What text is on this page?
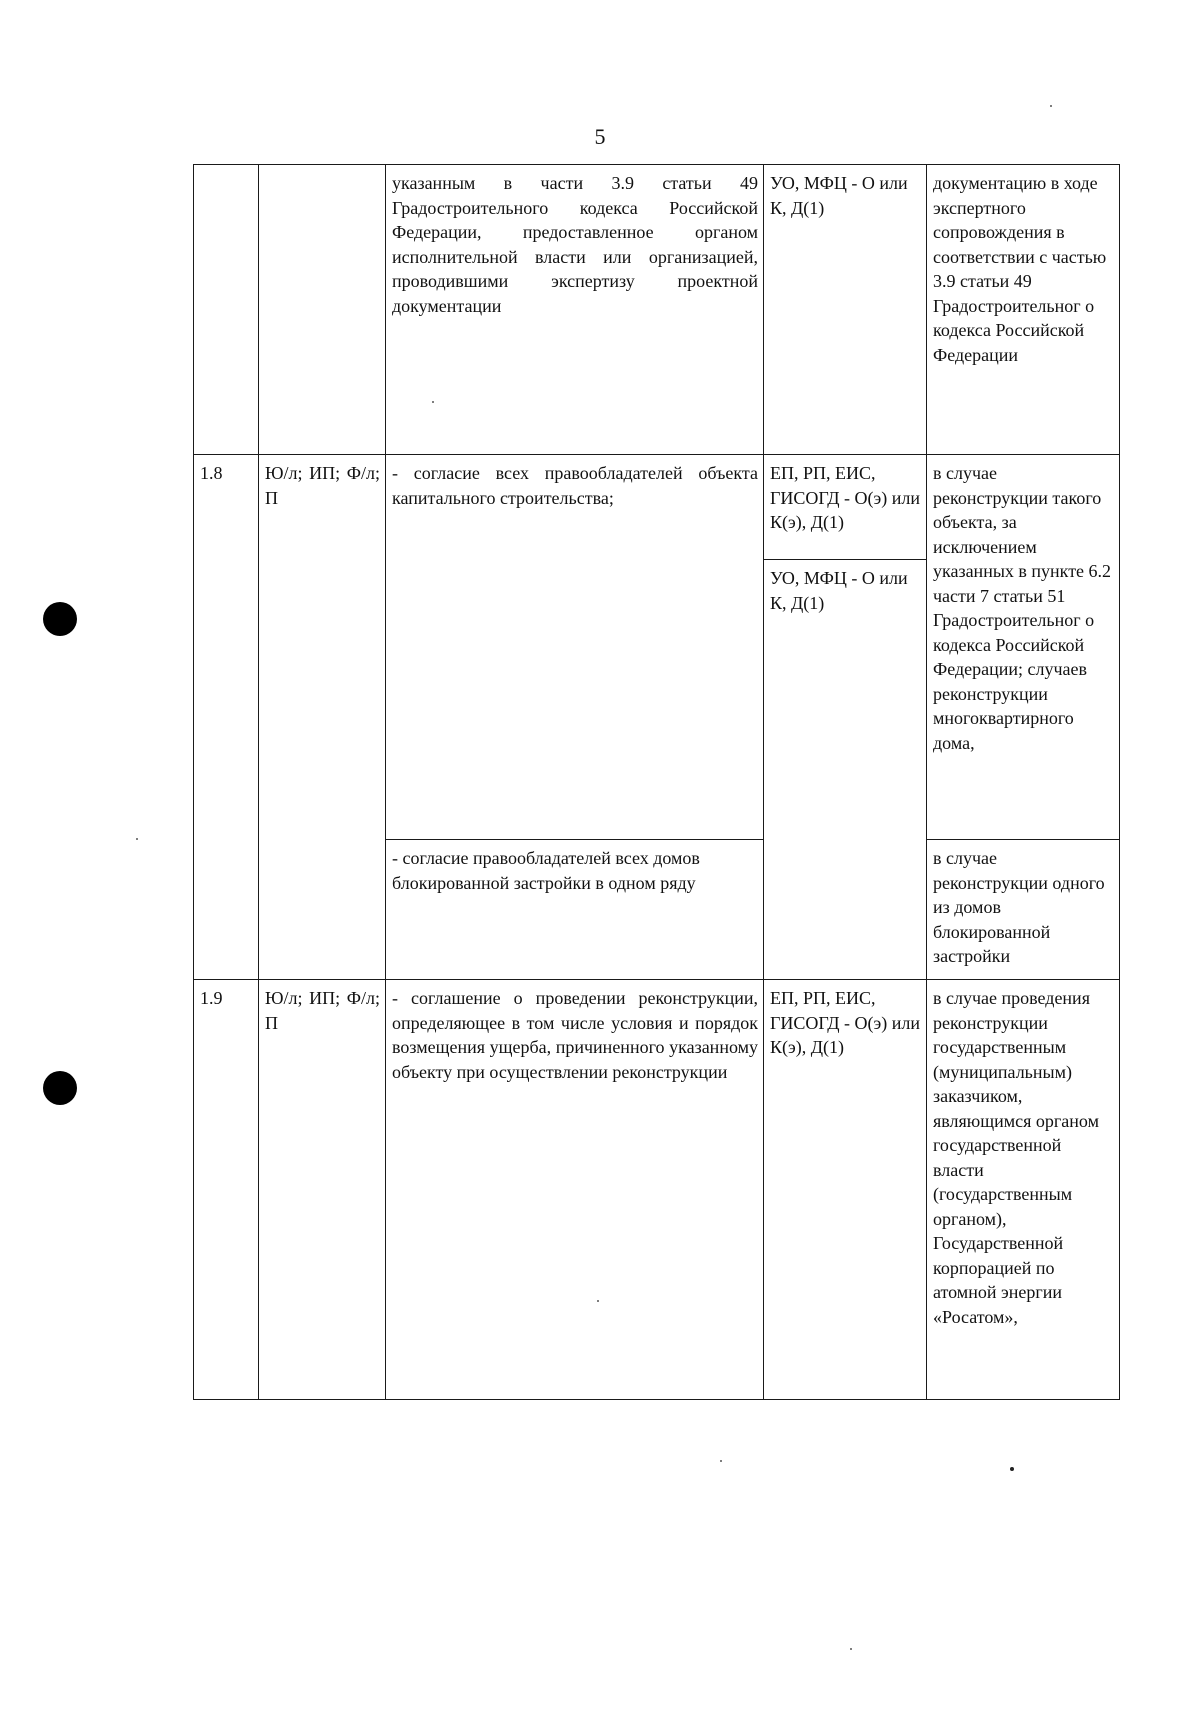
5
		указанным в части 3.9 статьи 49 Градостроительного кодекса Российской Федерации, предоставленное органом исполнительной власти или организацией, проводившими экспертизу проектной документации	УО, МФЦ - О или К, Д(1)	документацию в ходе экспертного сопровождения в соответствии с частью 3.9 статьи 49 Градостроительног о кодекса Российской Федерации
1.8	Ю/л; ИП; Ф/л; П	- согласие всех правообладателей объекта капитального строительства;	ЕП, РП, ЕИС, ГИСОГД - О(э) или К(э), Д(1)	в случае реконструкции такого объекта, за исключением указанных в пункте 6.2 части 7 статьи 51 Градостроительног о кодекса Российской Федерации; случаев реконструкции многоквартирного дома,
			УО, МФЦ - О или К, Д(1)	
		- согласие правообладателей всех домов блокированной застройки в одном ряду		в случае реконструкции одного из домов блокированной застройки
1.9	Ю/л; ИП; Ф/л; П	- соглашение о проведении реконструкции, определяющее в том числе условия и порядок возмещения ущерба, причиненного указанному объекту при осуществлении реконструкции	ЕП, РП, ЕИС, ГИСОГД - О(э) или К(э), Д(1)	в случае проведения реконструкции государственным (муниципальным) заказчиком, являющимся органом государственной власти (государственным органом), Государственной корпорацией по атомной энергии «Росатом»,
